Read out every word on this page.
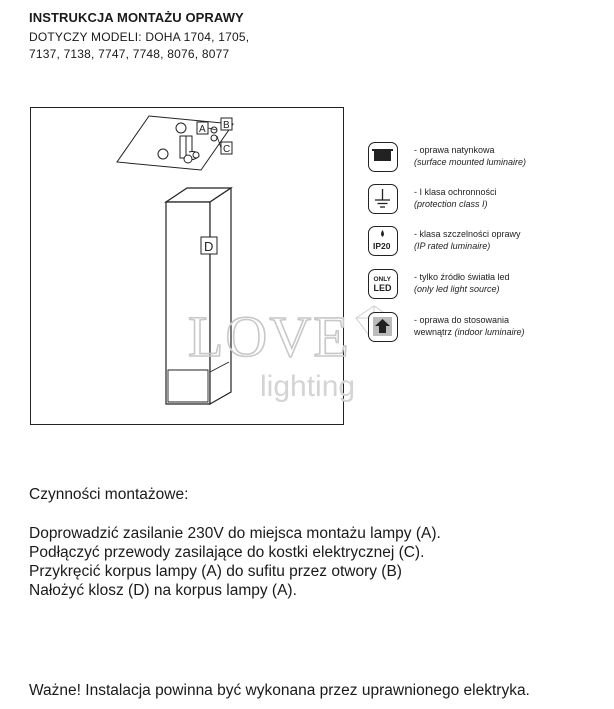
INSTRUKCJA MONTAŻU OPRAWY
DOTYCZY MODELI: DOHA 1704, 1705,
7137, 7138, 7747, 7748, 8076, 8077
A B
C
D
LOVE
lighting
- oprawa natynkowa
(surface mounted luminaire)
- I klasa ochronności
(protection class I)
IP20
- klasa szczelności oprawy
(IP rated luminaire)
ONLY
LED
- tylko źródło światła led
(only led light source)
- oprawa do stosowania
wewnątrz (indoor luminaire)
Czynności montażowe:
Doprowadzić zasilanie 230V do miejsca montażu lampy (A).
Podłączyć przewody zasilające do kostki elektrycznej (C).
Przykręcić korpus lampy (A) do sufitu przez otwory (B)
Nałożyć klosz (D) na korpus lampy (A).
Ważne! Instalacja powinna być wykonana przez uprawnionego elektryka.
